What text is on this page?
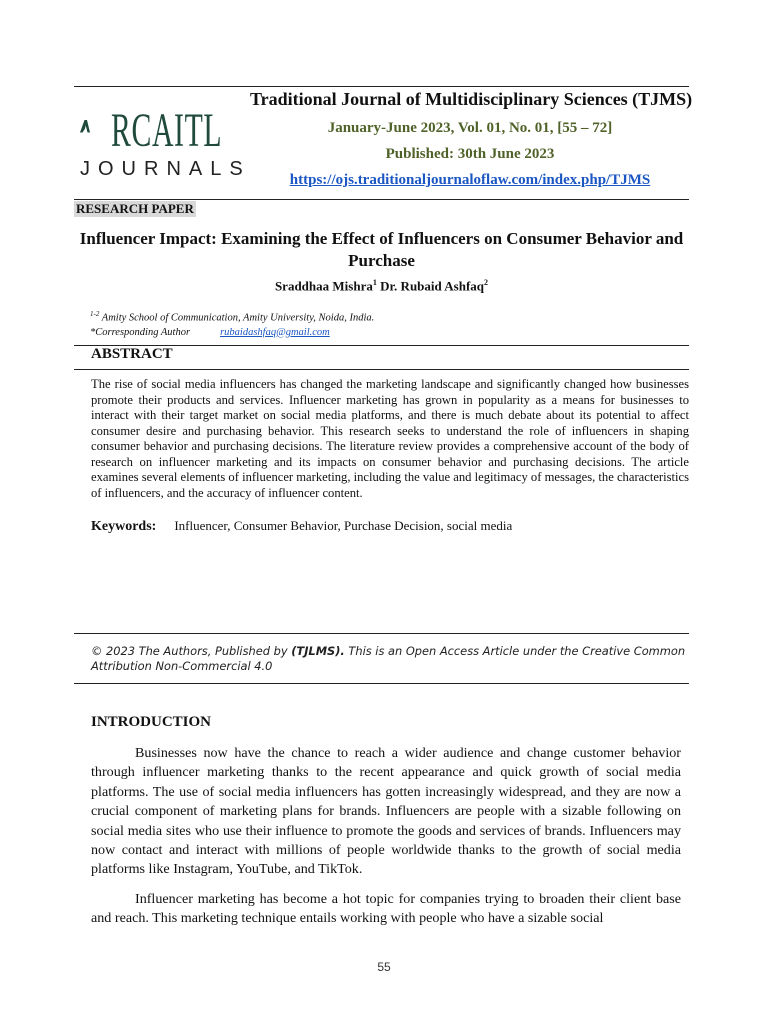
RCAITL
JOURNALS
Traditional Journal of Multidisciplinary Sciences (TJMS)
January-June 2023, Vol. 01, No. 01, [55 – 72]
Published: 30th June 2023
https://ojs.traditionaljournaloflaw.com/index.php/TJMS
RESEARCH PAPER
Influencer Impact: Examining the Effect of Influencers on Consumer Behavior and Purchase
Sraddhaa Mishra$^1$ Dr. Rubaid Ashfaq$^2$
$^{1-2}$ Amity School of Communication, Amity University, Noida, India.
*Corresponding Author	rubaidashfaq@gmail.com
ABSTRACT
The rise of social media influencers has changed the marketing landscape and significantly changed how businesses promote their products and services. Influencer marketing has grown in popularity as a means for businesses to interact with their target market on social media platforms, and there is much debate about its potential to affect consumer desire and purchasing behavior. This research seeks to understand the role of influencers in shaping consumer behavior and purchasing decisions. The literature review provides a comprehensive account of the body of research on influencer marketing and its impacts on consumer behavior and purchasing decisions. The article examines several elements of influencer marketing, including the value and legitimacy of messages, the characteristics of influencers, and the accuracy of influencer content.
Keywords: Influencer, Consumer Behavior, Purchase Decision, social media
© 2023 The Authors, Published by (TJLMS). This is an Open Access Article under the Creative Common Attribution Non-Commercial 4.0
INTRODUCTION
Businesses now have the chance to reach a wider audience and change customer behavior through influencer marketing thanks to the recent appearance and quick growth of social media platforms. The use of social media influencers has gotten increasingly widespread, and they are now a crucial component of marketing plans for brands. Influencers are people with a sizable following on social media sites who use their influence to promote the goods and services of brands. Influencers may now contact and interact with millions of people worldwide thanks to the growth of social media platforms like Instagram, YouTube, and TikTok.
Influencer marketing has become a hot topic for companies trying to broaden their client base and reach. This marketing technique entails working with people who have a sizable social
55
